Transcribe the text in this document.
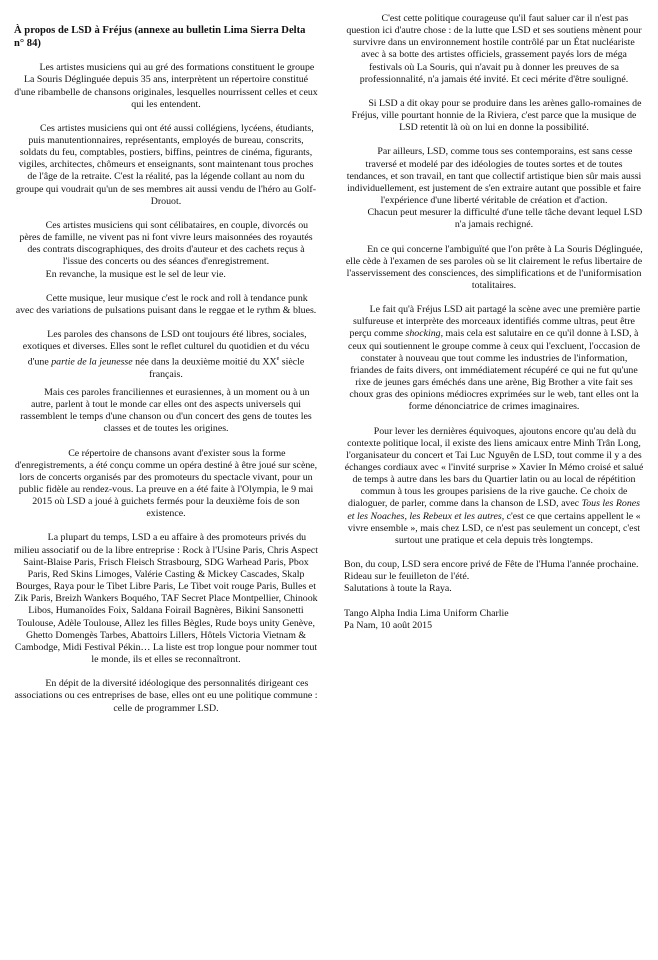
À propos de LSD à Fréjus (annexe au bulletin Lima Sierra Delta n° 84)

Les artistes musiciens qui au gré des formations constituent le groupe La Souris Déglinguée depuis 35 ans, interprètent un répertoire constitué d'une ribambelle de chansons originales, lesquelles nourrissent celles et ceux qui les entendent.

Ces artistes musiciens qui ont été aussi collégiens, lycéens, étudiants, puis manutentionnaires, représentants, employés de bureau, conscrits, soldats du feu, comptables, postiers, biffins, peintres de cinéma, figurants, vigiles, architectes, chômeurs et enseignants, sont maintenant tous proches de l'âge de la retraite. C'est la réalité, pas la légende collant au nom du groupe qui voudrait qu'un de ses membres ait aussi vendu de l'héro au Golf-Drouot.

Ces artistes musiciens qui sont célibataires, en couple, divorcés ou pères de famille, ne vivent pas ni font vivre leurs maisonnées des royautés des contrats discographiques, des droits d'auteur et des cachets reçus à l'issue des concerts ou des séances d'enregistrement.

En revanche, la musique est le sel de leur vie.

Cette musique, leur musique c'est le rock and roll à tendance punk avec des variations de pulsations puisant dans le reggae et le rythm & blues.

Les paroles des chansons de LSD ont toujours été libres, sociales, exotiques et diverses. Elles sont le reflet culturel du quotidien et du vécu d'une partie de la jeunesse née dans la deuxième moitié du XXe siècle français.

Mais ces paroles franciliennes et eurasiennes, à un moment ou à un autre, parlent à tout le monde car elles ont des aspects universels qui rassemblent le temps d'une chanson ou d'un concert des gens de toutes les classes et de toutes les origines.

Ce répertoire de chansons avant d'exister sous la forme d'enregistrements, a été conçu comme un opéra destiné à être joué sur scène, lors de concerts organisés par des promoteurs du spectacle vivant, pour un public fidèle au rendez-vous. La preuve en a été faite à l'Olympia, le 9 mai 2015 où LSD a joué à guichets fermés pour la deuxième fois de son existence.

La plupart du temps, LSD a eu affaire à des promoteurs privés du milieu associatif ou de la libre entreprise : Rock à l'Usine Paris, Chris Aspect Saint-Blaise Paris, Frisch Fleisch Strasbourg, SDG Warhead Paris, Pbox Paris, Red Skins Limoges, Valérie Casting & Mickey Cascades, Skalp Bourges, Raya pour le Tibet Libre Paris, Le Tibet voit rouge Paris, Bulles et Zik Paris, Breizh Wankers Boquého, TAF Secret Place Montpellier, Chinook Libos, Humanoïdes Foix, Saldana Foirail Bagnères, Bikini Sansonetti Toulouse, Adèle Toulouse, Allez les filles Bègles, Rude boys unity Genève, Ghetto Domengès Tarbes, Abattoirs Lillers, Hôtels Victoria Vietnam & Cambodge, Midi Festival Pékin… La liste est trop longue pour nommer tout le monde, ils et elles se reconnaîtront.

En dépit de la diversité idéologique des personnalités dirigeant ces associations ou ces entreprises de base, elles ont eu une politique commune : celle de programmer LSD.

C'est cette politique courageuse qu'il faut saluer car il n'est pas question ici d'autre chose : de la lutte que LSD et ses soutiens mènent pour survivre dans un environnement hostile contrôlé par un État nucléariste avec à sa botte des artistes officiels, grassement payés lors de méga festivals où La Souris, qui n'avait pu à donner les preuves de sa professionnalité, n'a jamais été invité. Et ceci mérite d'être souligné.

Si LSD a dit okay pour se produire dans les arènes gallo-romaines de Fréjus, ville pourtant honnie de la Riviera, c'est parce que la musique de LSD retentit là où on lui en donne la possibilité.

Par ailleurs, LSD, comme tous ses contemporains, est sans cesse traversé et modelé par des idéologies de toutes sortes et de toutes tendances, et son travail, en tant que collectif artistique bien sûr mais aussi individuellement, est justement de s'en extraire autant que possible et faire l'expérience d'une liberté véritable de création et d'action.

Chacun peut mesurer la difficulté d'une telle tâche devant lequel LSD n'a jamais rechigné.

En ce qui concerne l'ambiguïté que l'on prête à La Souris Déglinguée, elle cède à l'examen de ses paroles où se lit clairement le refus libertaire de l'asservissement des consciences, des simplifications et de l'uniformisation totalitaires.

Le fait qu'à Fréjus LSD ait partagé la scène avec une première partie sulfureuse et interprète des morceaux identifiés comme ultras, peut être perçu comme shocking, mais cela est salutaire en ce qu'il donne à LSD, à ceux qui soutiennent le groupe comme à ceux qui l'excluent, l'occasion de constater à nouveau que tout comme les industries de l'information, friandes de faits divers, ont immédiatement récupéré ce qui ne fut qu'une rixe de jeunes gars éméchés dans une arène, Big Brother a vite fait ses choux gras des opinions médiocres exprimées sur le web, tant elles ont la forme dénonciatrice de crimes imaginaires.

Pour lever les dernières équivoques, ajoutons encore qu'au delà du contexte politique local, il existe des liens amicaux entre Minh Trân Long, l'organisateur du concert et Tai Luc Nguyên de LSD, tout comme il y a des échanges cordiaux avec « l'invité surprise » Xavier In Mémo croisé et salué de temps à autre dans les bars du Quartier latin ou au local de répétition commun à tous les groupes parisiens de la rive gauche. Ce choix de dialoguer, de parler, comme dans la chanson de LSD, avec Tous les Rones et les Noaches, les Rebeux et les autres, c'est ce que certains appellent le « vivre ensemble », mais chez LSD, ce n'est pas seulement un concept, c'est surtout une pratique et cela depuis très longtemps.

Bon, du coup, LSD sera encore privé de Fête de l'Huma l'année prochaine.

Rideau sur le feuilleton de l'été.

Salutations à toute la Raya.

Tango Alpha India Lima Uniform Charlie

Pa Nam, 10 août 2015
